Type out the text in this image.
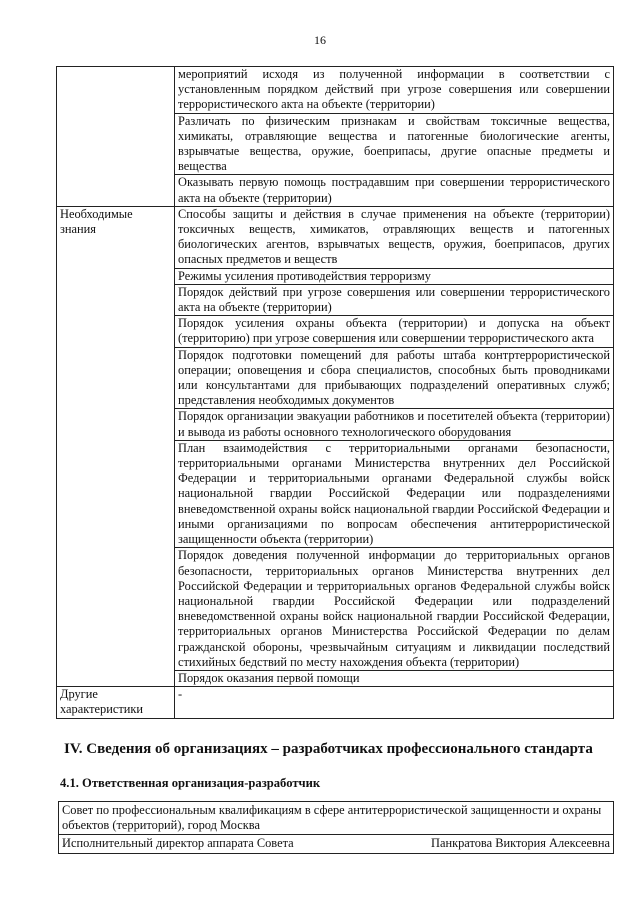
16
	мероприятий исходя из полученной информации в соответствии с установленным порядком действий при угрозе совершения или совершении террористического акта на объекте (территории)
	Различать по физическим признакам и свойствам токсичные вещества, химикаты, отравляющие вещества и патогенные биологические агенты, взрывчатые вещества, оружие, боеприпасы, другие опасные предметы и вещества
	Оказывать первую помощь пострадавшим при совершении террористического акта на объекте (территории)
Необходимые знания	Способы защиты и действия в случае применения на объекте (территории) токсичных веществ, химикатов, отравляющих веществ и патогенных биологических агентов, взрывчатых веществ, оружия, боеприпасов, других опасных предметов и веществ
	Режимы усиления противодействия терроризму
	Порядок действий при угрозе совершения или совершении террористического акта на объекте (территории)
	Порядок усиления охраны объекта (территории) и допуска на объект (территорию) при угрозе совершения или совершении террористического акта
	Порядок подготовки помещений для работы штаба контртеррористической операции; оповещения и сбора специалистов, способных быть проводниками или консультантами для прибывающих подразделений оперативных служб; представления необходимых документов
	Порядок организации эвакуации работников и посетителей объекта (территории) и вывода из работы основного технологического оборудования
	План взаимодействия с территориальными органами безопасности, территориальными органами Министерства внутренних дел Российской Федерации и территориальными органами Федеральной службы войск национальной гвардии Российской Федерации или подразделениями вневедомственной охраны войск национальной гвардии Российской Федерации и иными организациями по вопросам обеспечения антитеррористической защищенности объекта (территории)
	Порядок доведения полученной информации до территориальных органов безопасности, территориальных органов Министерства внутренних дел Российской Федерации и территориальных органов Федеральной службы войск национальной гвардии Российской Федерации или подразделений вневедомственной охраны войск национальной гвардии Российской Федерации, территориальных органов Министерства Российской Федерации по делам гражданской обороны, чрезвычайным ситуациям и ликвидации последствий стихийных бедствий по месту нахождения объекта (территории)
	Порядок оказания первой помощи
Другие характеристики	-
IV. Сведения об организациях – разработчиках профессионального стандарта
4.1. Ответственная организация-разработчик
Совет по профессиональным квалификациям в сфере антитеррористической защищенности и охраны объектов (территорий), город Москва

Исполнительный директор аппарата Совета	Панкратова Виктория Алексеевна
